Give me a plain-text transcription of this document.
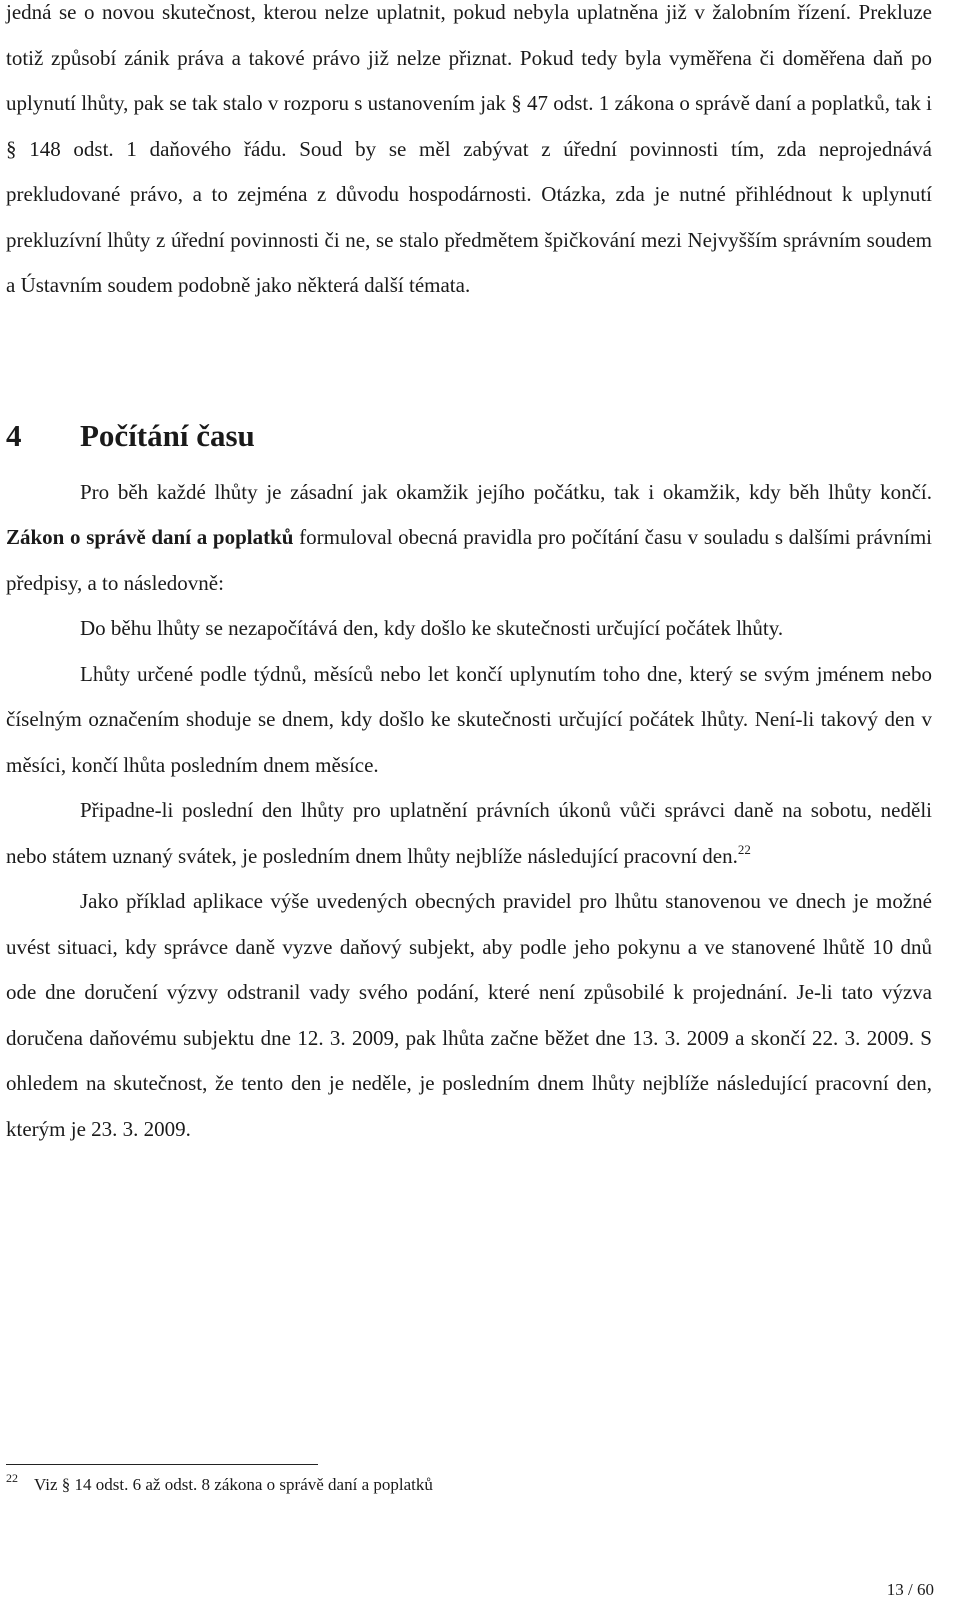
jedná se o novou skutečnost, kterou nelze uplatnit, pokud nebyla uplatněna již v žalobním řízení. Prekluze totiž způsobí zánik práva a takové právo již nelze přiznat. Pokud tedy byla vyměřena či doměřena daň po uplynutí lhůty, pak se tak stalo v rozporu s ustanovením jak § 47 odst. 1 zákona o správě daní a poplatků, tak i § 148 odst. 1 daňového řádu. Soud by se měl zabývat z úřední povinnosti tím, zda neprojednává prekludované právo, a to zejména z důvodu hospodárnosti. Otázka, zda je nutné přihlédnout k uplynutí prekluzívní lhůty z úřední povinnosti či ne, se stalo předmětem špičkování mezi Nejvyšším správním soudem a Ústavním soudem podobně jako některá další témata.

4 Počítání času

Pro běh každé lhůty je zásadní jak okamžik jejího počátku, tak i okamžik, kdy běh lhůty končí. Zákon o správě daní a poplatků formuloval obecná pravidla pro počítání času v souladu s dalšími právními předpisy, a to následovně:

Do běhu lhůty se nezapočítává den, kdy došlo ke skutečnosti určující počátek lhůty.

Lhůty určené podle týdnů, měsíců nebo let končí uplynutím toho dne, který se svým jménem nebo číselným označením shoduje se dnem, kdy došlo ke skutečnosti určující počátek lhůty. Není-li takový den v měsíci, končí lhůta posledním dnem měsíce.

Připadne-li poslední den lhůty pro uplatnění právních úkonů vůči správci daně na sobotu, neděli nebo státem uznaný svátek, je posledním dnem lhůty nejblíže následující pracovní den.$^{22}$

Jako příklad aplikace výše uvedených obecných pravidel pro lhůtu stanovenou ve dnech je možné uvést situaci, kdy správce daně vyzve daňový subjekt, aby podle jeho pokynu a ve stanovené lhůtě 10 dnů ode dne doručení výzvy odstranil vady svého podání, které není způsobilé k projednání. Je-li tato výzva doručena daňovému subjektu dne 12. 3. 2009, pak lhůta začne běžet dne 13. 3. 2009 a skončí 22. 3. 2009. S ohledem na skutečnost, že tento den je neděle, je posledním dnem lhůty nejblíže následující pracovní den, kterým je 23. 3. 2009.

$^{22}$ Viz § 14 odst. 6 až odst. 8 zákona o správě daní a poplatků
13 / 60
